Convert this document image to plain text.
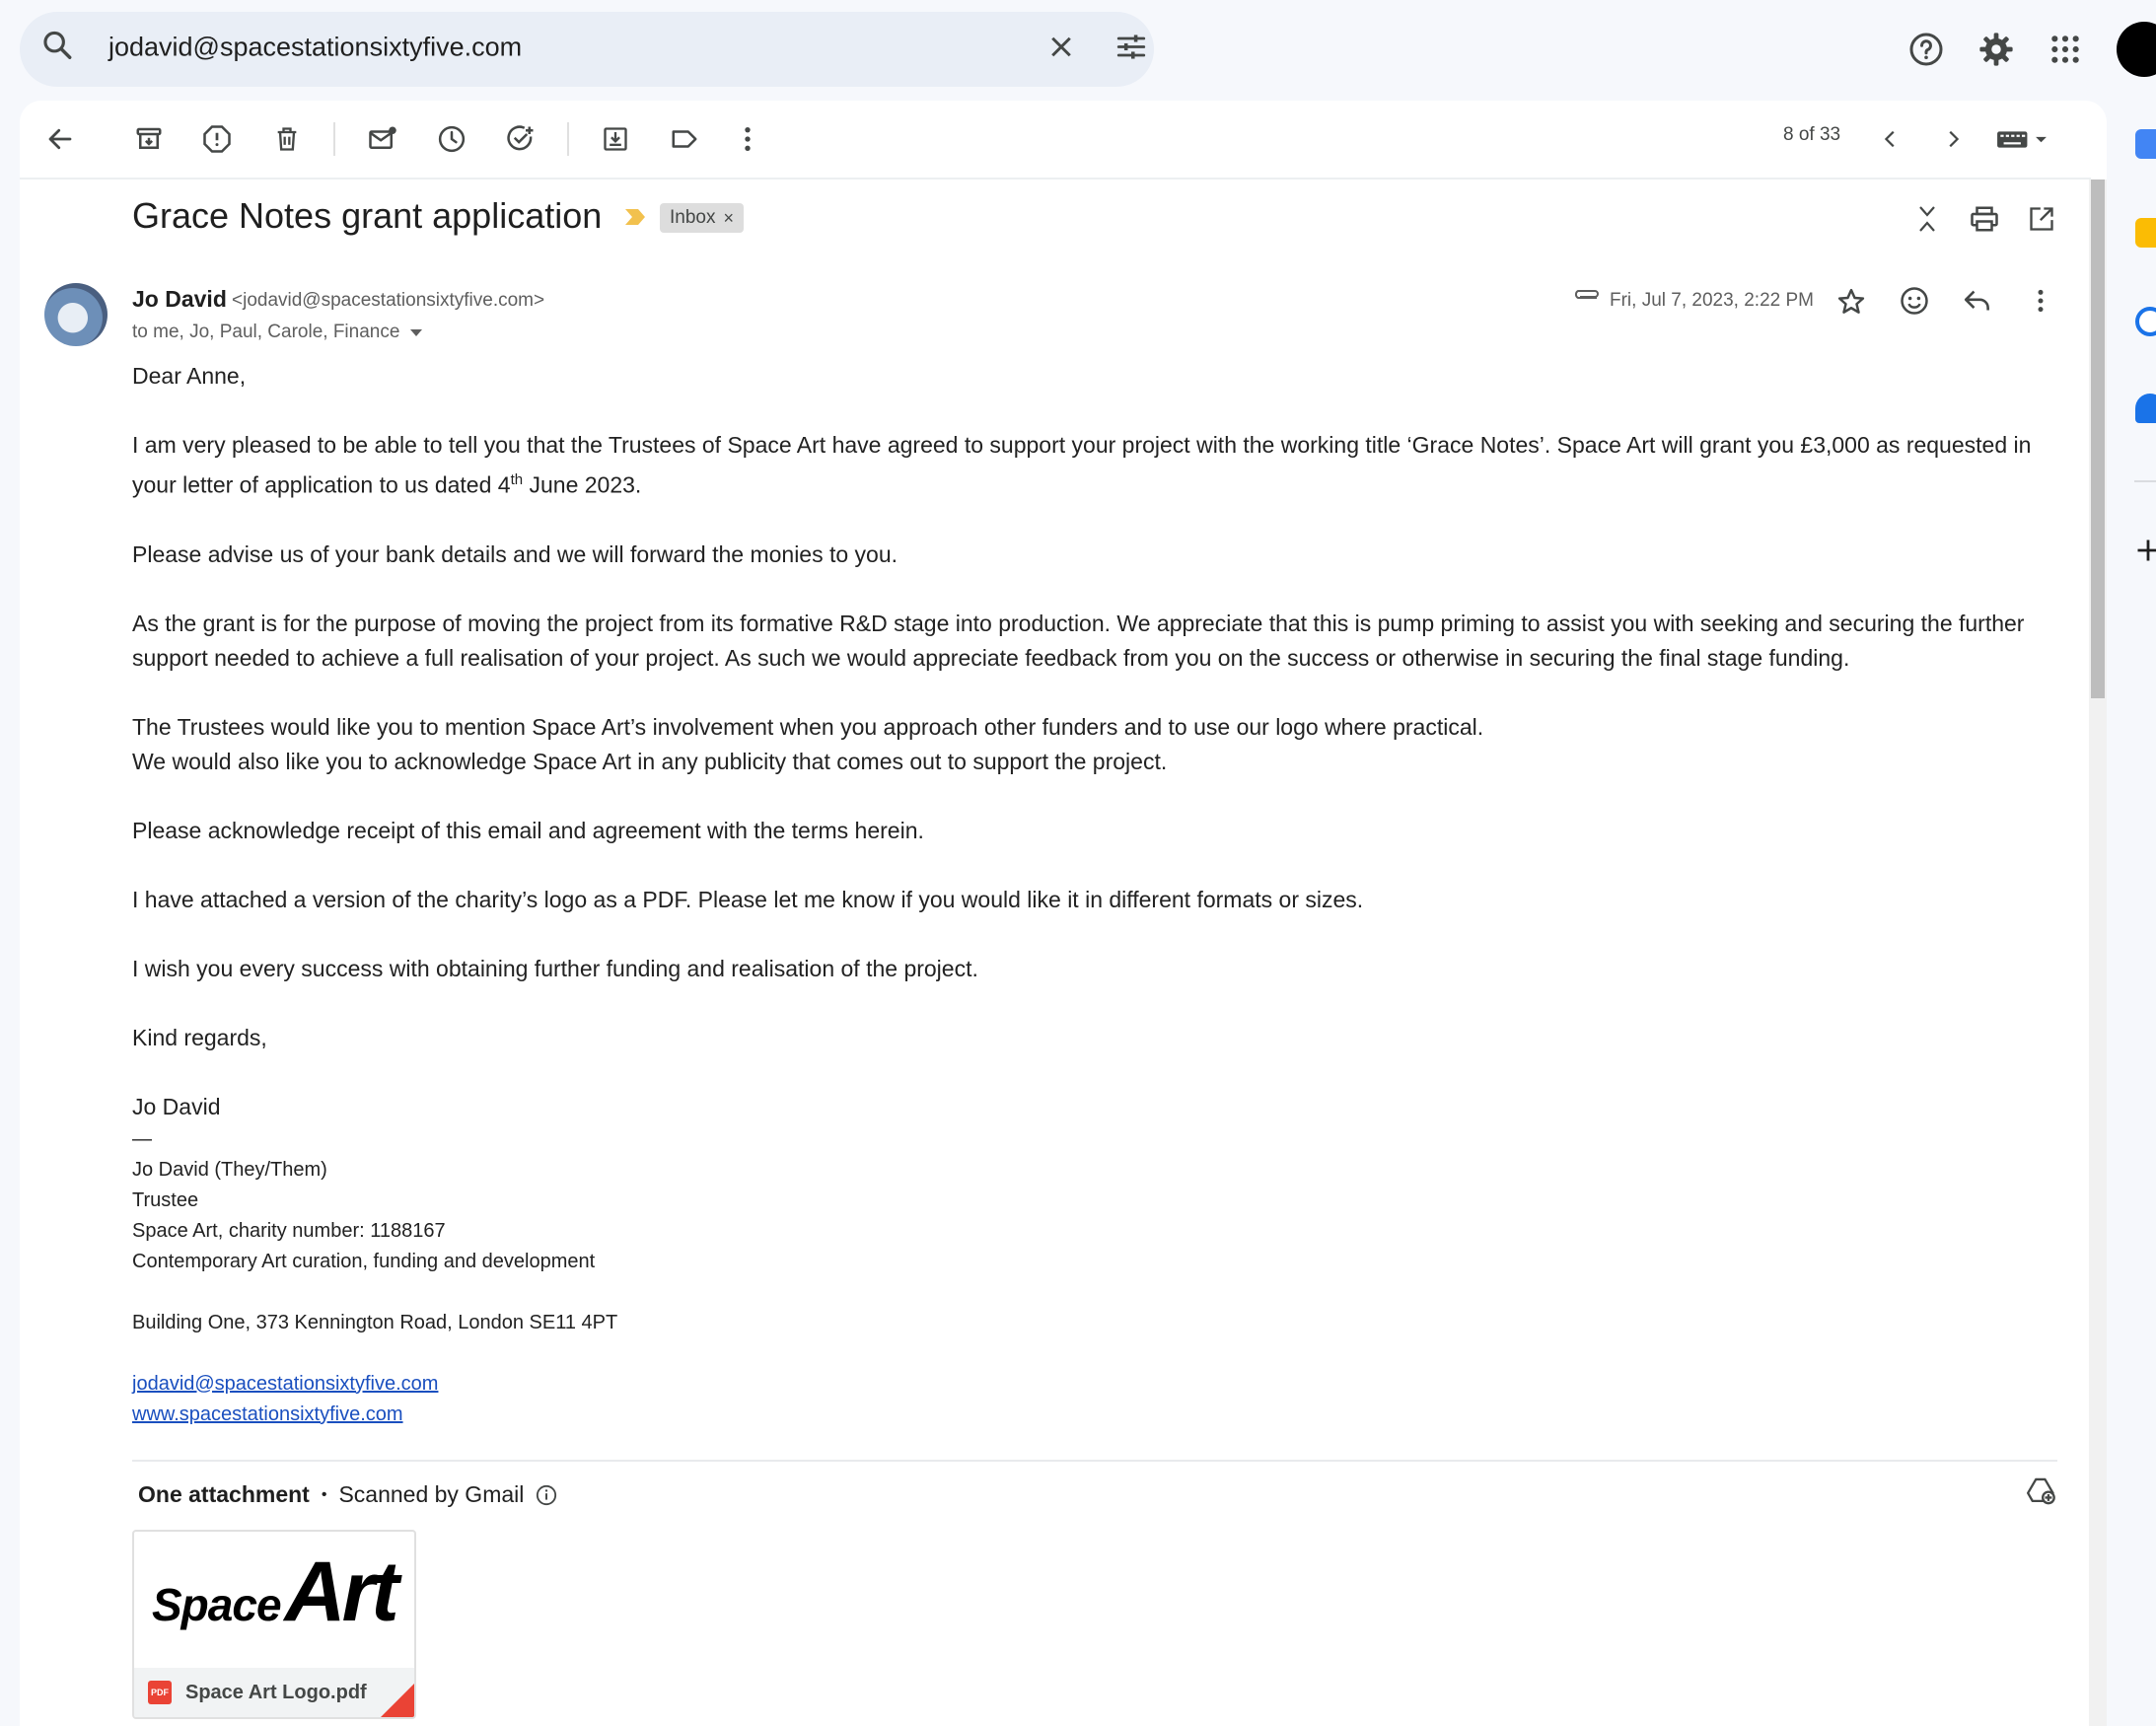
jodavid@spacestationsixtyfive.com
8 of 33
Grace Notes grant application	Inbox ×
Jo David <jodavid@spacestationsixtyfive.com>
to me, Jo, Paul, Carole, Finance
Fri, Jul 7, 2023, 2:22 PM

Dear Anne,

I am very pleased to be able to tell you that the Trustees of Space Art have agreed to support your project with the working title ‘Grace Notes’. Space Art will grant you £3,000 as requested in your letter of application to us dated 4th June 2023.

Please advise us of your bank details and we will forward the monies to you.

As the grant is for the purpose of moving the project from its formative R&D stage into production. We appreciate that this is pump priming to assist you with seeking and securing the further support needed to achieve a full realisation of your project. As such we would appreciate feedback from you on the success or otherwise in securing the final stage funding.

The Trustees would like you to mention Space Art’s involvement when you approach other funders and to use our logo where practical.

We would also like you to acknowledge Space Art in any publicity that comes out to support the project.

Please acknowledge receipt of this email and agreement with the terms herein.

I have attached a version of the charity’s logo as a PDF. Please let me know if you would like it in different formats or sizes.

I wish you every success with obtaining further funding and realisation of the project.

Kind regards,

Jo David

—
Jo David (They/Them)
Trustee
Space Art, charity number: 1188167
Contemporary Art curation, funding and development
Building One, 373 Kennington Road, London SE11 4PT
jodavid@spacestationsixtyfive.com
www.spacestationsixtyfive.com
One attachment • Scanned by Gmail
SpaceArt
PDF Space Art Logo.pdf
